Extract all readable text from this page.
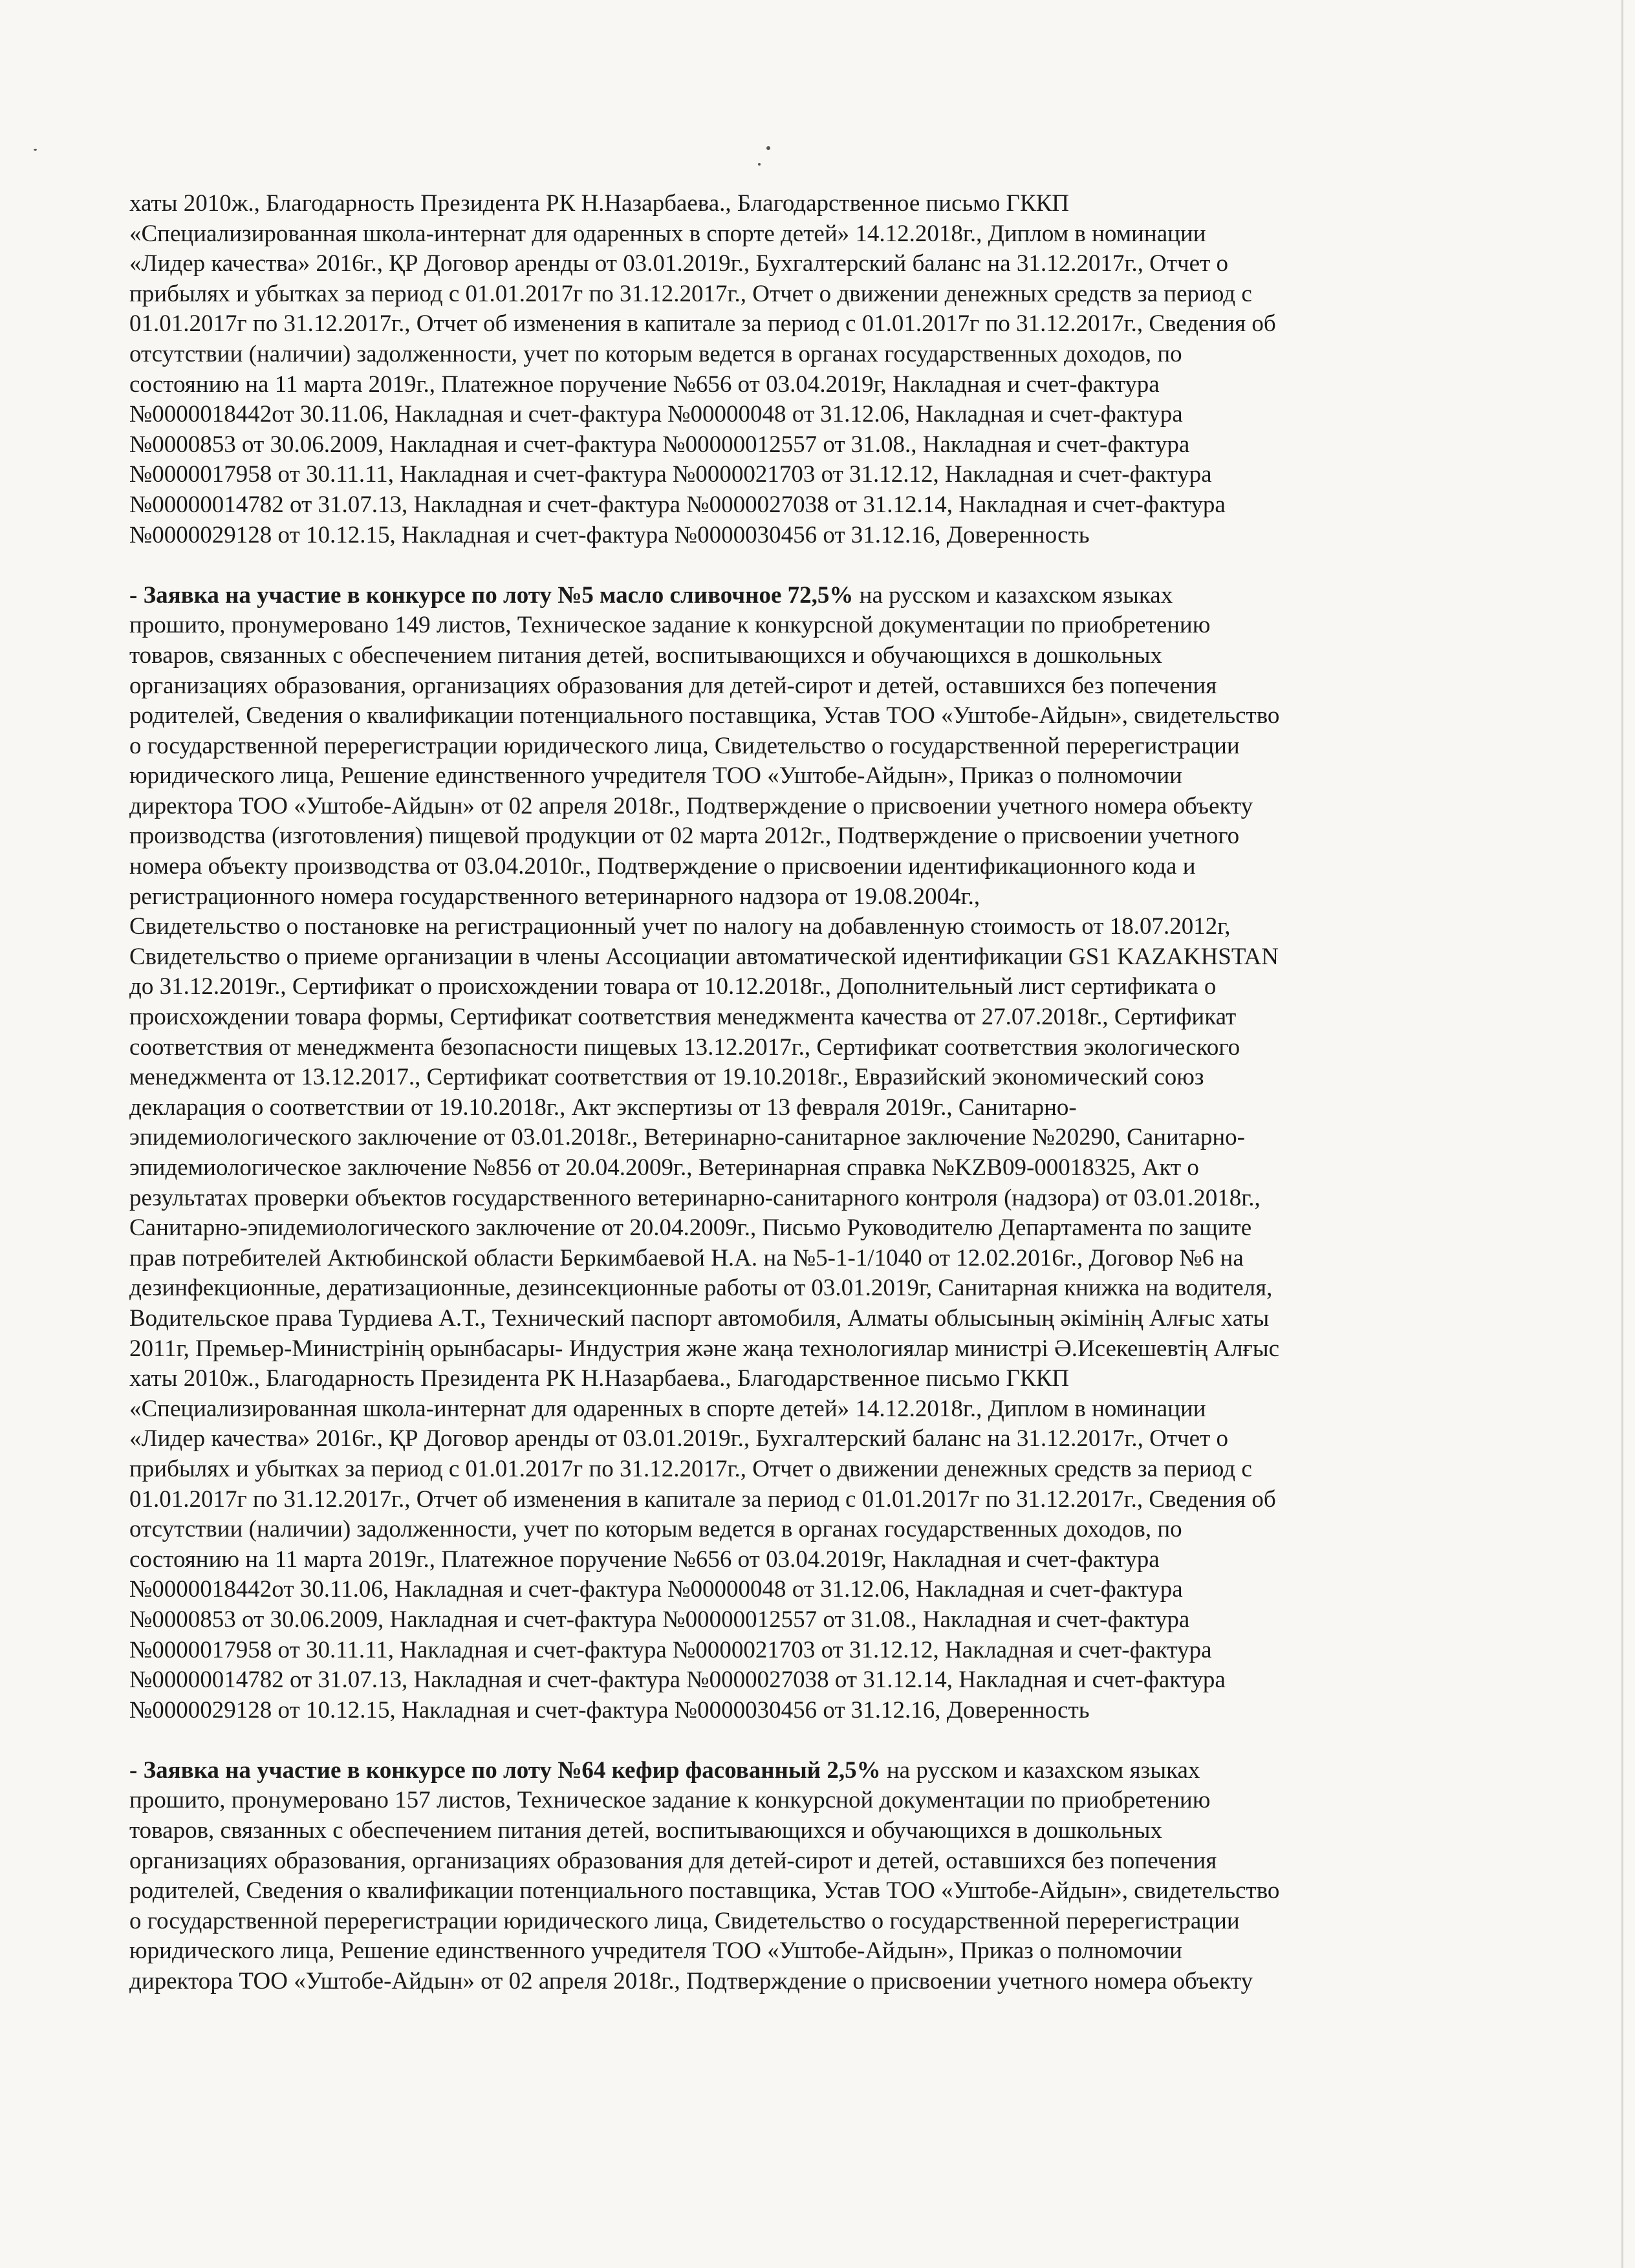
хаты 2010ж., Благодарность Президента РК Н.Назарбаева., Благодарственное письмо ГККП
«Специализированная школа-интернат для одаренных в спорте детей» 14.12.2018г., Диплом в номинации
«Лидер качества» 2016г., ҚР Договор аренды от 03.01.2019г., Бухгалтерский баланс на 31.12.2017г., Отчет о
прибылях и убытках за период с 01.01.2017г по 31.12.2017г., Отчет о движении денежных средств за период с
01.01.2017г по 31.12.2017г., Отчет об изменения в капитале за период с 01.01.2017г по 31.12.2017г., Сведения об
отсутствии (наличии) задолженности, учет по которым ведется в органах государственных доходов, по
состоянию на 11 марта 2019г., Платежное поручение №656 от 03.04.2019г, Накладная и счет-фактура
№0000018442от 30.11.06, Накладная и счет-фактура №00000048 от 31.12.06, Накладная и счет-фактура
№0000853 от 30.06.2009, Накладная и счет-фактура №00000012557 от 31.08., Накладная и счет-фактура
№0000017958 от 30.11.11, Накладная и счет-фактура №0000021703 от 31.12.12, Накладная и счет-фактура
№00000014782 от 31.07.13, Накладная и счет-фактура №0000027038 от 31.12.14, Накладная и счет-фактура
№0000029128 от 10.12.15, Накладная и счет-фактура №0000030456 от 31.12.16, Доверенность
- Заявка на участие в конкурсе по лоту №5 масло сливочное 72,5% на русском и казахском языках
прошито, пронумеровано 149 листов, Техническое задание к конкурсной документации по приобретению
товаров, связанных с обеспечением питания детей, воспитывающихся и обучающихся в дошкольных
организациях образования, организациях образования для детей-сирот и детей, оставшихся без попечения
родителей, Сведения о квалификации потенциального поставщика, Устав ТОО «Уштобе-Айдын», свидетельство
о государственной перерегистрации юридического лица, Свидетельство о государственной перерегистрации
юридического лица, Решение единственного учредителя ТОО «Уштобе-Айдын», Приказ о полномочии
директора ТОО «Уштобе-Айдын» от 02 апреля 2018г., Подтверждение о присвоении учетного номера объекту
производства (изготовления) пищевой продукции от 02 марта 2012г., Подтверждение о присвоении учетного
номера объекту производства от 03.04.2010г., Подтверждение о присвоении идентификационного кода и
регистрационного номера государственного ветеринарного надзора от 19.08.2004г.,
Свидетельство о постановке на регистрационный учет по налогу на добавленную стоимость от 18.07.2012г,
Свидетельство о приеме организации в члены Ассоциации автоматической идентификации GS1 KAZAKHSTAN
до 31.12.2019г., Сертификат о происхождении товара от 10.12.2018г., Дополнительный лист сертификата о
происхождении товара формы, Сертификат соответствия менеджмента качества от 27.07.2018г., Сертификат
соответствия от менеджмента безопасности пищевых 13.12.2017г., Сертификат соответствия экологического
менеджмента от 13.12.2017., Сертификат соответствия от 19.10.2018г., Евразийский экономический союз
декларация о соответствии от 19.10.2018г., Акт экспертизы от 13 февраля 2019г., Санитарно-
эпидемиологического заключение от 03.01.2018г., Ветеринарно-санитарное заключение №20290, Санитарно-
эпидемиологическое заключение №856 от 20.04.2009г., Ветеринарная справка №KZB09-00018325, Акт о
результатах проверки объектов государственного ветеринарно-санитарного контроля (надзора) от 03.01.2018г.,
Санитарно-эпидемиологического заключение от 20.04.2009г., Письмо Руководителю Департамента по защите
прав потребителей Актюбинской области Беркимбаевой Н.А. на №5-1-1/1040 от 12.02.2016г., Договор №6 на
дезинфекционные, дератизационные, дезинсекционные работы от 03.01.2019г, Санитарная книжка на водителя,
Водительское права Турдиева А.Т., Технический паспорт автомобиля, Алматы облысының әкімінің Алғыс хаты
2011г, Премьер-Министрінің орынбасары- Индустрия және жаңа технологиялар министрі Ә.Исекешевтің Алғыс
хаты 2010ж., Благодарность Президента РК Н.Назарбаева., Благодарственное письмо ГККП
«Специализированная школа-интернат для одаренных в спорте детей» 14.12.2018г., Диплом в номинации
«Лидер качества» 2016г., ҚР Договор аренды от 03.01.2019г., Бухгалтерский баланс на 31.12.2017г., Отчет о
прибылях и убытках за период с 01.01.2017г по 31.12.2017г., Отчет о движении денежных средств за период с
01.01.2017г по 31.12.2017г., Отчет об изменения в капитале за период с 01.01.2017г по 31.12.2017г., Сведения об
отсутствии (наличии) задолженности, учет по которым ведется в органах государственных доходов, по
состоянию на 11 марта 2019г., Платежное поручение №656 от 03.04.2019г, Накладная и счет-фактура
№0000018442от 30.11.06, Накладная и счет-фактура №00000048 от 31.12.06, Накладная и счет-фактура
№0000853 от 30.06.2009, Накладная и счет-фактура №00000012557 от 31.08., Накладная и счет-фактура
№0000017958 от 30.11.11, Накладная и счет-фактура №0000021703 от 31.12.12, Накладная и счет-фактура
№00000014782 от 31.07.13, Накладная и счет-фактура №0000027038 от 31.12.14, Накладная и счет-фактура
№0000029128 от 10.12.15, Накладная и счет-фактура №0000030456 от 31.12.16, Доверенность
- Заявка на участие в конкурсе по лоту №64 кефир фасованный 2,5% на русском и казахском языках
прошито, пронумеровано 157 листов, Техническое задание к конкурсной документации по приобретению
товаров, связанных с обеспечением питания детей, воспитывающихся и обучающихся в дошкольных
организациях образования, организациях образования для детей-сирот и детей, оставшихся без попечения
родителей, Сведения о квалификации потенциального поставщика, Устав ТОО «Уштобе-Айдын», свидетельство
о государственной перерегистрации юридического лица, Свидетельство о государственной перерегистрации
юридического лица, Решение единственного учредителя ТОО «Уштобе-Айдын», Приказ о полномочии
директора ТОО «Уштобе-Айдын» от 02 апреля 2018г., Подтверждение о присвоении учетного номера объекту
